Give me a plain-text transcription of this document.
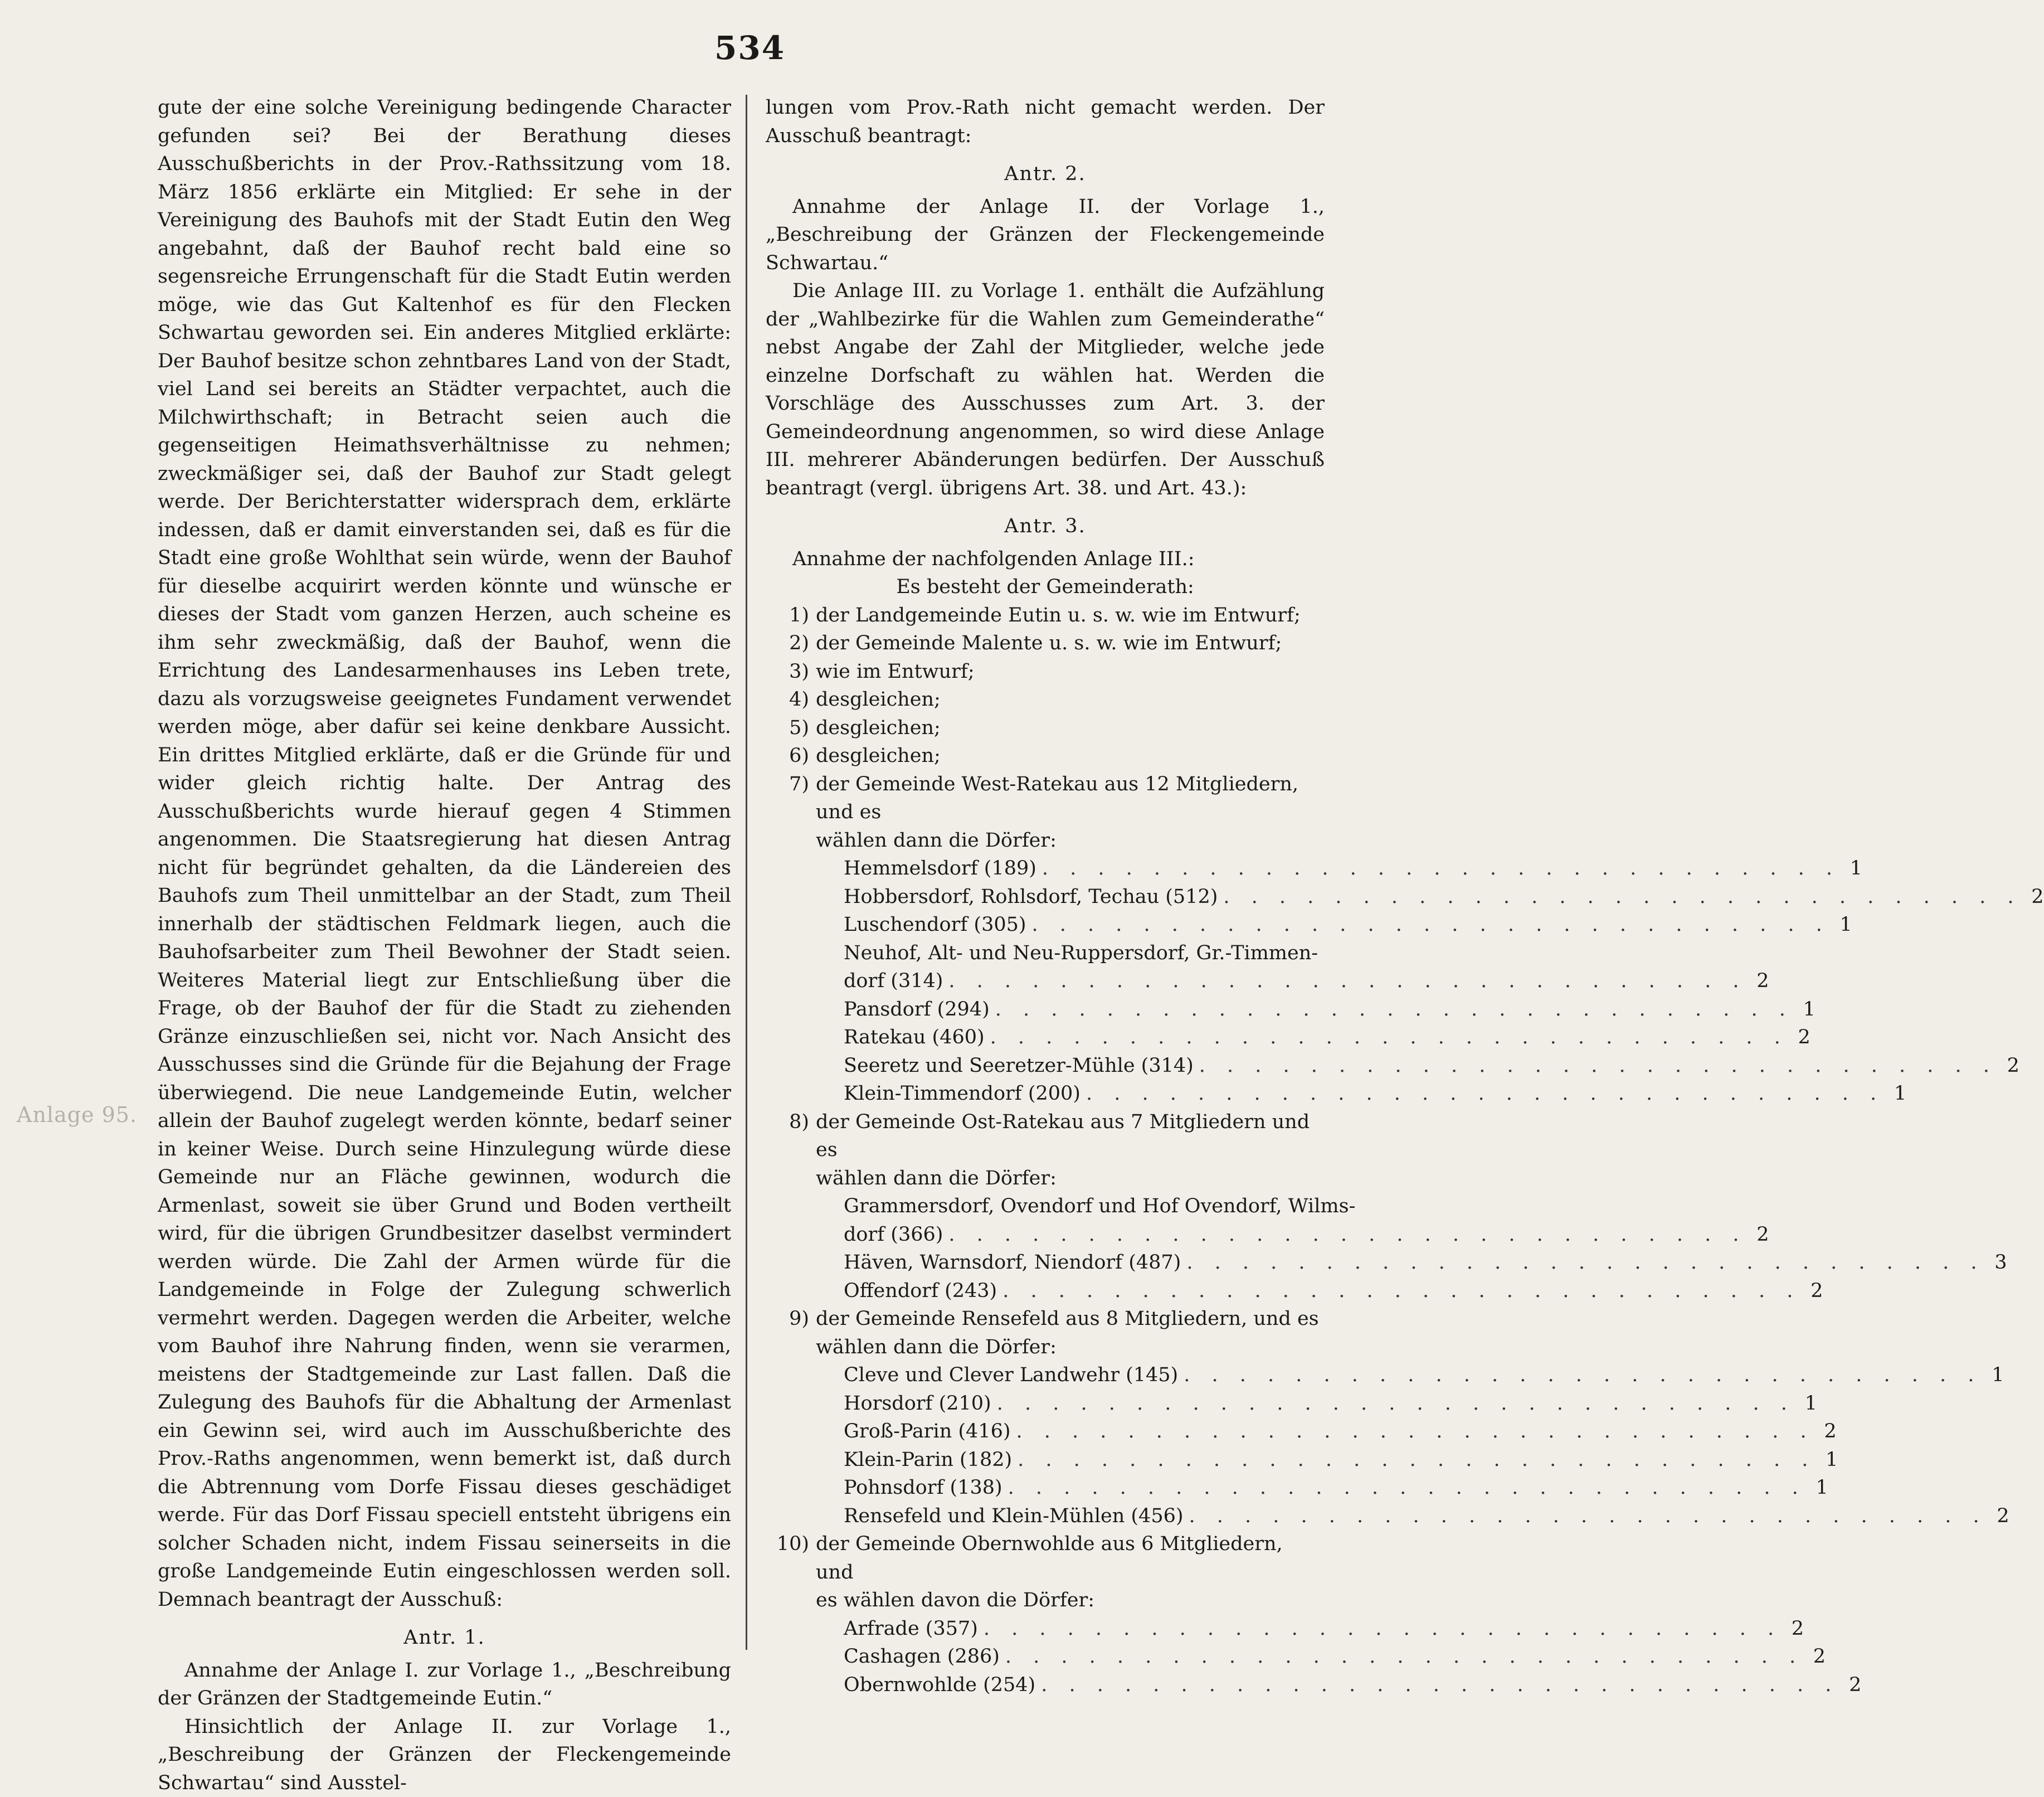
534
Anlage 95.

gute der eine solche Vereinigung bedingende Character gefunden sei? Bei der Berathung dieses Ausschußberichts in der Prov.-Rathssitzung vom 18. März 1856 erklärte ein Mitglied: Er sehe in der Vereinigung des Bauhofs mit der Stadt Eutin den Weg angebahnt, daß der Bauhof recht bald eine so segensreiche Errungenschaft für die Stadt Eutin werden möge, wie das Gut Kaltenhof es für den Flecken Schwartau geworden sei. Ein anderes Mitglied erklärte: Der Bauhof besitze schon zehntbares Land von der Stadt, viel Land sei bereits an Städter verpachtet, auch die Milchwirthschaft; in Betracht seien auch die gegenseitigen Heimathsverhältnisse zu nehmen; zweckmäßiger sei, daß der Bauhof zur Stadt gelegt werde. Der Berichterstatter widersprach dem, erklärte indessen, daß er damit einverstanden sei, daß es für die Stadt eine große Wohlthat sein würde, wenn der Bauhof für dieselbe acquirirt werden könnte und wünsche er dieses der Stadt vom ganzen Herzen, auch scheine es ihm sehr zweckmäßig, daß der Bauhof, wenn die Errichtung des Landesarmenhauses ins Leben trete, dazu als vorzugsweise geeignetes Fundament verwendet werden möge, aber dafür sei keine denkbare Aussicht. Ein drittes Mitglied erklärte, daß er die Gründe für und wider gleich richtig halte. Der Antrag des Ausschußberichts wurde hierauf gegen 4 Stimmen angenommen. Die Staatsregierung hat diesen Antrag nicht für begründet gehalten, da die Ländereien des Bauhofs zum Theil unmittelbar an der Stadt, zum Theil innerhalb der städtischen Feldmark liegen, auch die Bauhofsarbeiter zum Theil Bewohner der Stadt seien. Weiteres Material liegt zur Entschließung über die Frage, ob der Bauhof der für die Stadt zu ziehenden Gränze einzuschließen sei, nicht vor. Nach Ansicht des Ausschusses sind die Gründe für die Bejahung der Frage überwiegend. Die neue Landgemeinde Eutin, welcher allein der Bauhof zugelegt werden könnte, bedarf seiner in keiner Weise. Durch seine Hinzulegung würde diese Gemeinde nur an Fläche gewinnen, wodurch die Armenlast, soweit sie über Grund und Boden vertheilt wird, für die übrigen Grundbesitzer daselbst vermindert werden würde. Die Zahl der Armen würde für die Landgemeinde in Folge der Zulegung schwerlich vermehrt werden. Dagegen werden die Arbeiter, welche vom Bauhof ihre Nahrung finden, wenn sie verarmen, meistens der Stadtgemeinde zur Last fallen. Daß die Zulegung des Bauhofs für die Abhaltung der Armenlast ein Gewinn sei, wird auch im Ausschußberichte des Prov.-Raths angenommen, wenn bemerkt ist, daß durch die Abtrennung vom Dorfe Fissau dieses geschädiget werde. Für das Dorf Fissau speciell entsteht übrigens ein solcher Schaden nicht, indem Fissau seinerseits in die große Landgemeinde Eutin eingeschlossen werden soll. Demnach beantragt der Ausschuß:

Antr. 1.

Annahme der Anlage I. zur Vorlage 1., „Beschreibung der Gränzen der Stadtgemeinde Eutin.“

Hinsichtlich der Anlage II. zur Vorlage 1., „Beschreibung der Gränzen der Fleckengemeinde Schwartau“ sind Ausstel-

lungen vom Prov.-Rath nicht gemacht werden. Der Ausschuß beantragt:

Antr. 2.

Annahme der Anlage II. der Vorlage 1., „Beschreibung der Gränzen der Fleckengemeinde Schwartau.“

Die Anlage III. zu Vorlage 1. enthält die Aufzählung der „Wahlbezirke für die Wahlen zum Gemeinderathe“ nebst Angabe der Zahl der Mitglieder, welche jede einzelne Dorfschaft zu wählen hat. Werden die Vorschläge des Ausschusses zum Art. 3. der Gemeindeordnung angenommen, so wird diese Anlage III. mehrerer Abänderungen bedürfen. Der Ausschuß beantragt (vergl. übrigens Art. 38. und Art. 43.):

Antr. 3.

Annahme der nachfolgenden Anlage III.:

Es besteht der Gemeinderath:

1) der Landgemeinde Eutin u. s. w. wie im Entwurf;
2) der Gemeinde Malente u. s. w. wie im Entwurf;
3) wie im Entwurf;
4) desgleichen;
5) desgleichen;
6) desgleichen;
7) der Gemeinde West-Ratekau aus 12 Mitgliedern, und es
wählen dann die Dörfer:
Hemmelsdorf (189) . . . . . . . . . . . . . . . . . . . . . . . . . . . . . 1
Hobbersdorf, Rohlsdorf, Techau (512) . . . . . . . . . . . . . . . . . . . . . . . . . . . . . 2
Luschendorf (305) . . . . . . . . . . . . . . . . . . . . . . . . . . . . . 1
Neuhof, Alt- und Neu-Ruppersdorf, Gr.-Timmen-
dorf (314) . . . . . . . . . . . . . . . . . . . . . . . . . . . . . 2
Pansdorf (294) . . . . . . . . . . . . . . . . . . . . . . . . . . . . . 1
Ratekau (460) . . . . . . . . . . . . . . . . . . . . . . . . . . . . . 2
Seeretz und Seeretzer-Mühle (314) . . . . . . . . . . . . . . . . . . . . . . . . . . . . . 2
Klein-Timmendorf (200) . . . . . . . . . . . . . . . . . . . . . . . . . . . . . 1
8) der Gemeinde Ost-Ratekau aus 7 Mitgliedern und es
wählen dann die Dörfer:
Grammersdorf, Ovendorf und Hof Ovendorf, Wilms-
dorf (366) . . . . . . . . . . . . . . . . . . . . . . . . . . . . . 2
Häven, Warnsdorf, Niendorf (487) . . . . . . . . . . . . . . . . . . . . . . . . . . . . . 3
Offendorf (243) . . . . . . . . . . . . . . . . . . . . . . . . . . . . . 2
9) der Gemeinde Rensefeld aus 8 Mitgliedern, und es
wählen dann die Dörfer:
Cleve und Clever Landwehr (145) . . . . . . . . . . . . . . . . . . . . . . . . . . . . . 1
Horsdorf (210) . . . . . . . . . . . . . . . . . . . . . . . . . . . . . 1
Groß-Parin (416) . . . . . . . . . . . . . . . . . . . . . . . . . . . . . 2
Klein-Parin (182) . . . . . . . . . . . . . . . . . . . . . . . . . . . . . 1
Pohnsdorf (138) . . . . . . . . . . . . . . . . . . . . . . . . . . . . . 1
Rensefeld und Klein-Mühlen (456) . . . . . . . . . . . . . . . . . . . . . . . . . . . . . 2
10) der Gemeinde Obernwohlde aus 6 Mitgliedern, und
es wählen davon die Dörfer:
Arfrade (357) . . . . . . . . . . . . . . . . . . . . . . . . . . . . . 2
Cashagen (286) . . . . . . . . . . . . . . . . . . . . . . . . . . . . . 2
Obernwohlde (254) . . . . . . . . . . . . . . . . . . . . . . . . . . . . . 2
